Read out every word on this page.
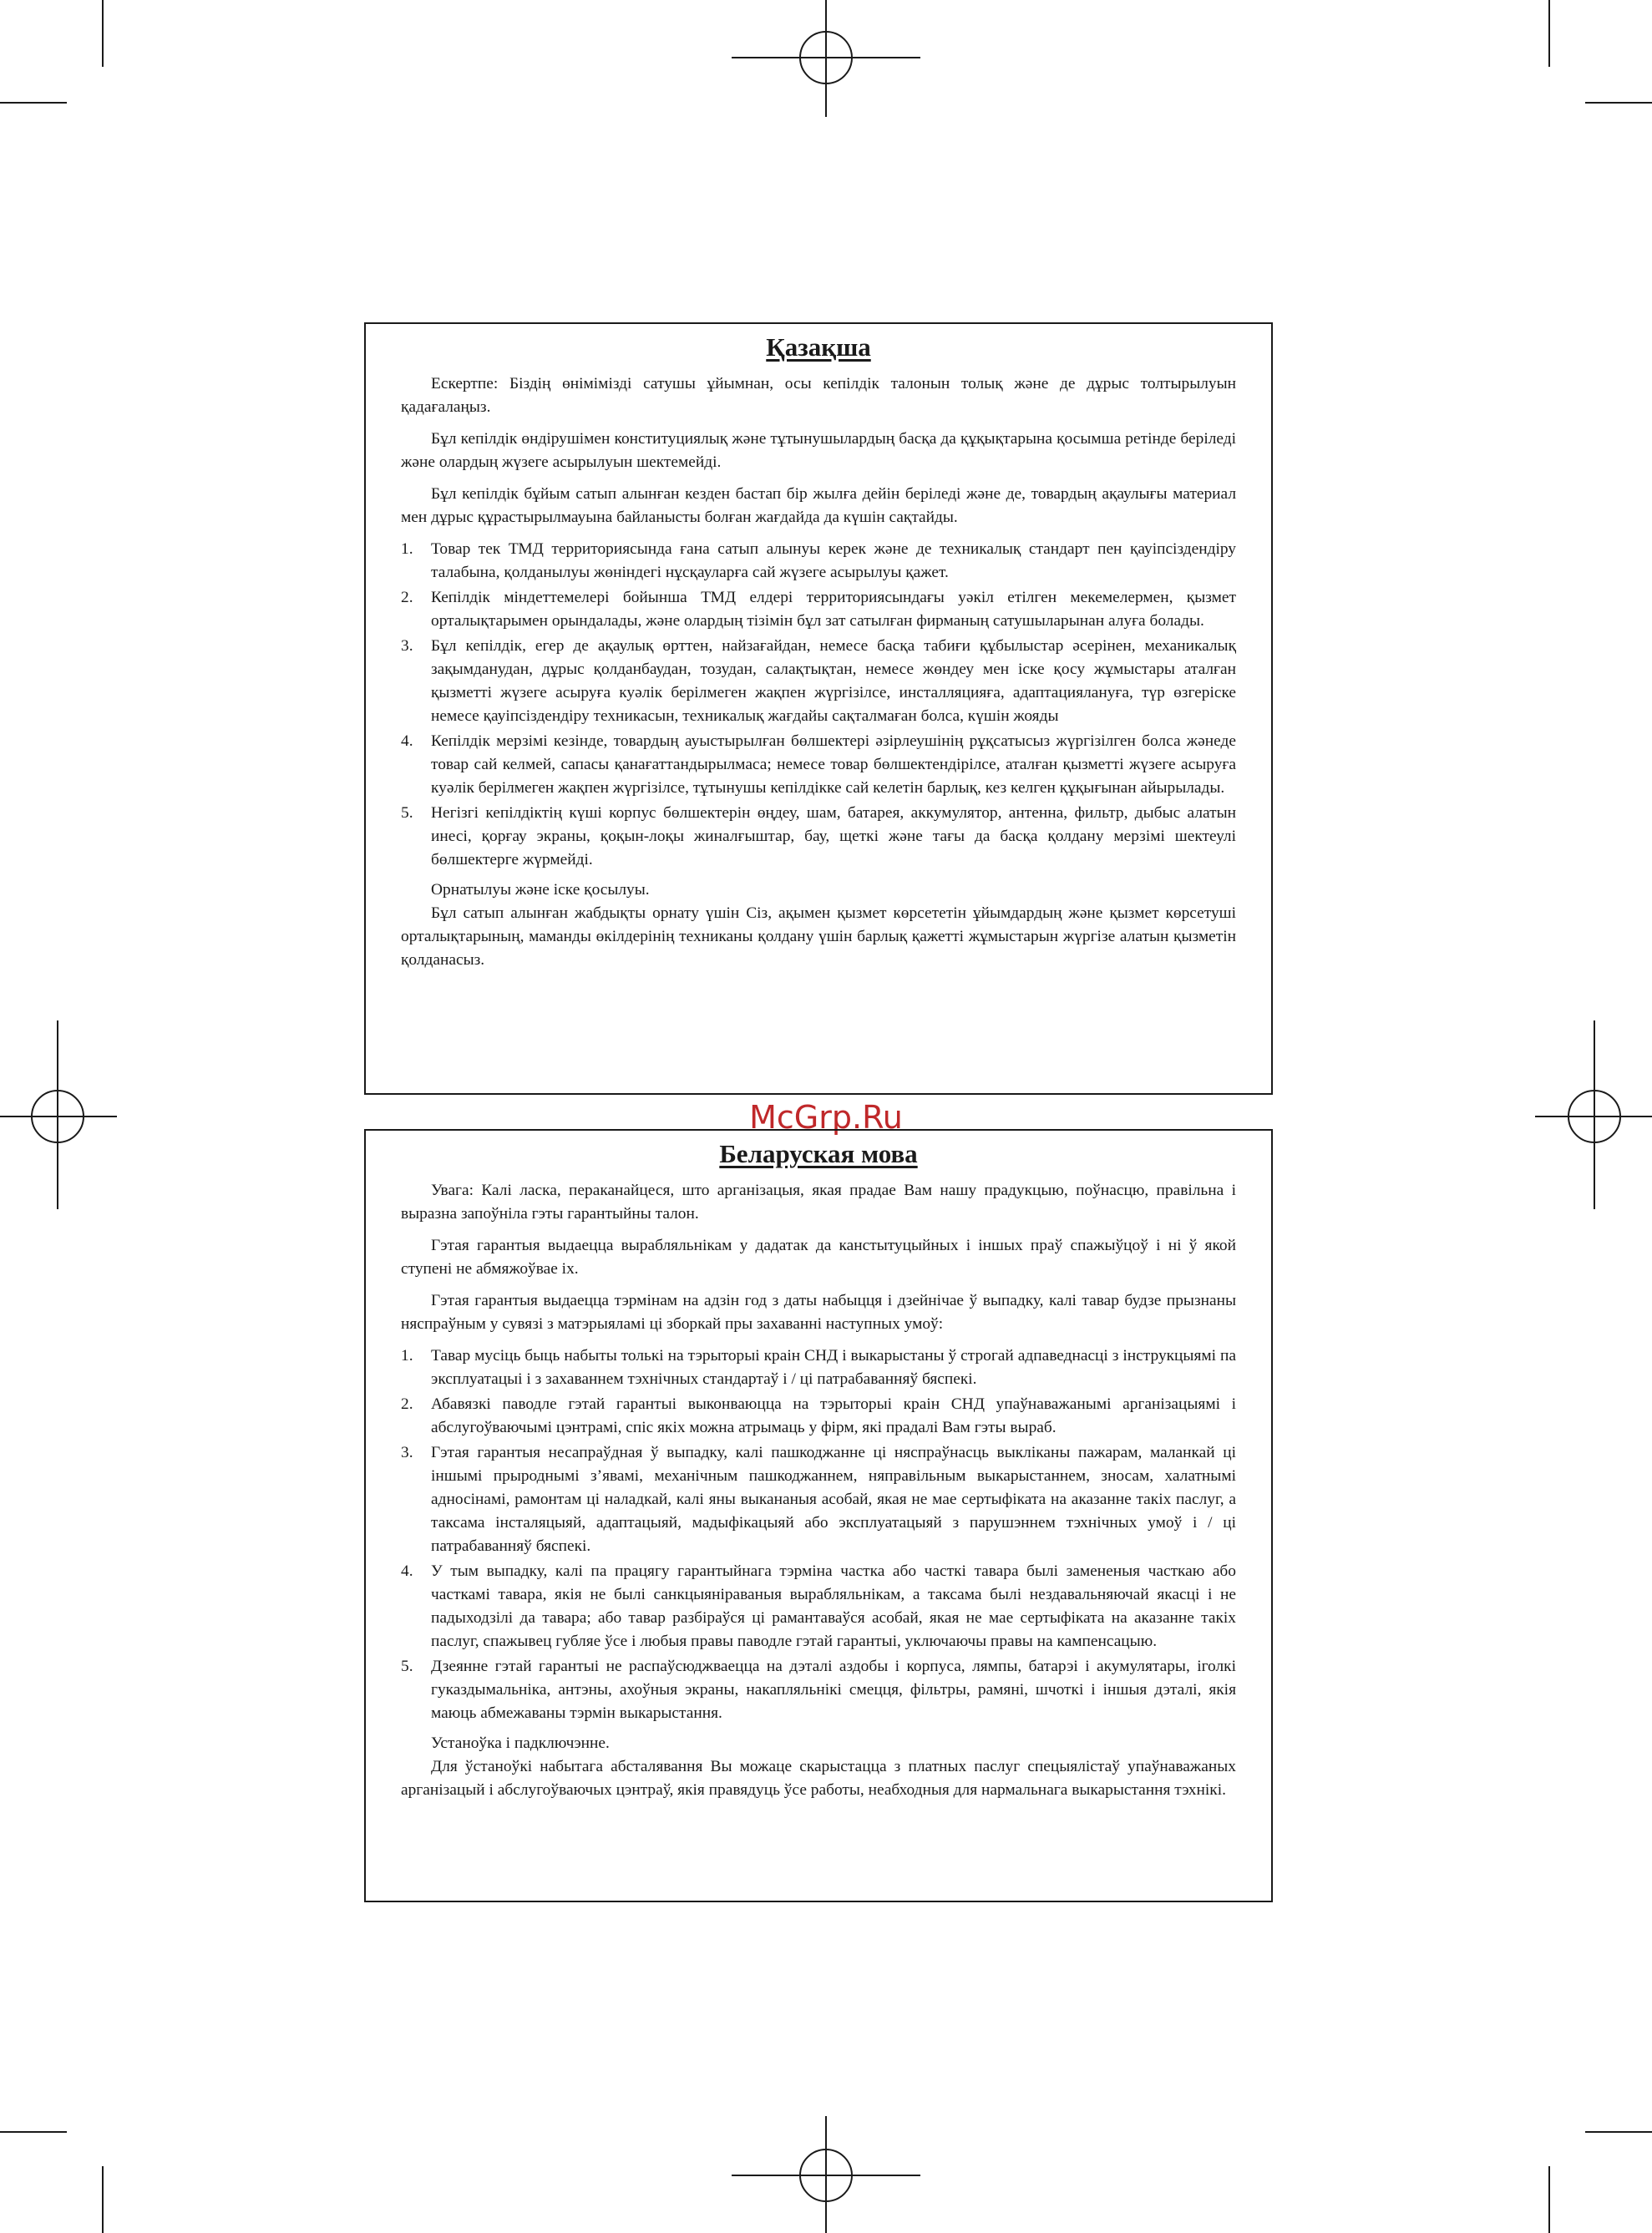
Қазақша

Ескертпе: Біздің өнімімізді сатушы ұйымнан, осы кепілдік талонын толық және де дұрыс толтырылуын қадағалаңыз.

Бұл кепілдік өндірушімен конституциялық және тұтынушылардың басқа да құқықтарына қосымша ретінде беріледі және олардың жүзеге асырылуын шектемейді.

Бұл кепілдік бұйым сатып алынған кезден бастап бір жылға дейін беріледі және де, товардың ақаулығы материал мен дұрыс құрастырылмауына байланысты болған жағдайда да күшін сақтайды.

1. Товар тек ТМД территориясында ғана сатып алынуы керек және де техникалық стандарт пен қауіпсіздендіру талабына, қолданылуы жөніндегі нұсқауларға сай жүзеге асырылуы қажет.
2. Кепілдік міндеттемелері бойынша ТМД елдері территориясындағы уәкіл етілген мекемелермен, қызмет орталықтарымен орындалады, және олардың тізімін бұл зат сатылған фирманың сатушыларынан алуға болады.
3. Бұл кепілдік, егер де ақаулық өрттен, найзағайдан, немесе басқа табиғи құбылыстар әсерінен, механикалық зақымданудан, дұрыс қолданбаудан, тозудан, салақтықтан, немесе жөндеу мен іске қосу жұмыстары аталған қызметті жүзеге асыруға куәлік берілмеген жақпен жүргізілсе, инсталляцияға, адаптациялануға, түр өзгеріске немесе қауіпсіздендіру техникасын, техникалық жағдайы сақталмаған болса, күшін жояды
4. Кепілдік мерзімі кезінде, товардың ауыстырылған бөлшектері әзірлеушінің рұқсатысыз жүргізілген болса жәнеде товар сай келмей, сапасы қанағаттандырылмаса; немесе товар бөлшектендірілсе, аталған қызметті жүзеге асыруға куәлік берілмеген жақпен жүргізілсе, тұтынушы кепілдікке сай келетін барлық, кез келген құқығынан айырылады.
5. Негізгі кепілдіктің күші корпус бөлшектерін өңдеу, шам, батарея, аккумулятор, антенна, фильтр, дыбыс алатын инесі, қорғау экраны, қоқын-лоқы жиналғыштар, бау, щеткі және тағы да басқа қолдану мерзімі шектеулі бөлшектерге жүрмейді.

Орнатылуы және іске қосылуы.

Бұл сатып алынған жабдықты орнату үшін Сіз, ақымен қызмет көрсететін ұйымдардың және қызмет көрсетуші орталықтарының, маманды өкілдерінің техниканы қолдану үшін барлық қажетті жұмыстарын жүргізе алатын қызметін қолданасыз.

McGrp.Ru
Беларуская мова

Увага: Калі ласка, пераканайцеся, што арганізацыя, якая прадае Вам нашу прадукцыю, поўнасцю, правільна і выразна запоўніла гэты гарантыйны талон.

Гэтая гарантыя выдаецца вырабляльнікам у дадатак да канстытуцыйных і іншых праў спажыўцоў і ні ў якой ступені не абмяжоўвае іх.

Гэтая гарантыя выдаецца тэрмінам на адзін год з даты набыцця і дзейнічае ў выпадку, калі тавар будзе прызнаны няспраўным у сувязі з матэрыяламі ці зборкай пры захаванні наступных умоў:

1. Тавар мусіць быць набыты толькі на тэрыторыі краін СНД і выкарыстаны ў строгай адпаведнасці з інструкцыямі па эксплуатацыі і з захаваннем тэхнічных стандартаў і / ці патрабаванняў бяспекі.
2. Абавязкі паводле гэтай гарантыі выконваюцца на тэрыторыі краін СНД упаўнаважанымі арганізацыямі і абслугоўваючымі цэнтрамі, спіс якіх можна атрымаць у фірм, які прадалі Вам гэты выраб.
3. Гэтая гарантыя несапраўдная ў выпадку, калі пашкоджанне ці няспраўнасць выкліканы пажарам, маланкай ці іншымі прыроднымі з’явамі, механічным пашкоджаннем, няправільным выкарыстаннем, зносам, халатнымі адносінамі, рамонтам ці наладкай, калі яны выкананыя асобай, якая не мае сертыфіката на аказанне такіх паслуг, а таксама інсталяцыяй, адаптацыяй, мадыфікацыяй або эксплуатацыяй з парушэннем тэхнічных умоў і / ці патрабаванняў бяспекі.
4. У тым выпадку, калі па працягу гарантыйнага тэрміна частка або часткі тавара былі замененыя часткаю або часткамі тавара, якія не былі санкцыяніраваныя вырабляльнікам, а таксама былі нездавальняючай якасці і не падыходзілі да тавара; або тавар разбіраўся ці рамантаваўся асобай, якая не мае сертыфіката на аказанне такіх паслуг, спажывец губляе ўсе і любыя правы паводле гэтай гарантыі, уключаючы правы на кампенсацыю.
5. Дзеянне гэтай гарантыі не распаўсюджваецца на дэталі аздобы і корпуса, лямпы, батарэі і акумулятары, іголкі гуказдымальніка, антэны, ахоўныя экраны, накапляльнікі смецця, фільтры, рамяні, шчоткі і іншыя дэталі, якія маюць абмежаваны тэрмін выкарыстання.

Устаноўка і падключэнне.

Для ўстаноўкі набытага абсталявання Вы можаце скарыстацца з платных паслуг спецыялістаў упаўнаважаных арганізацый і абслугоўваючых цэнтраў, якія правядуць ўсе работы, неабходныя для нармальнага выкарыстання тэхнікі.
